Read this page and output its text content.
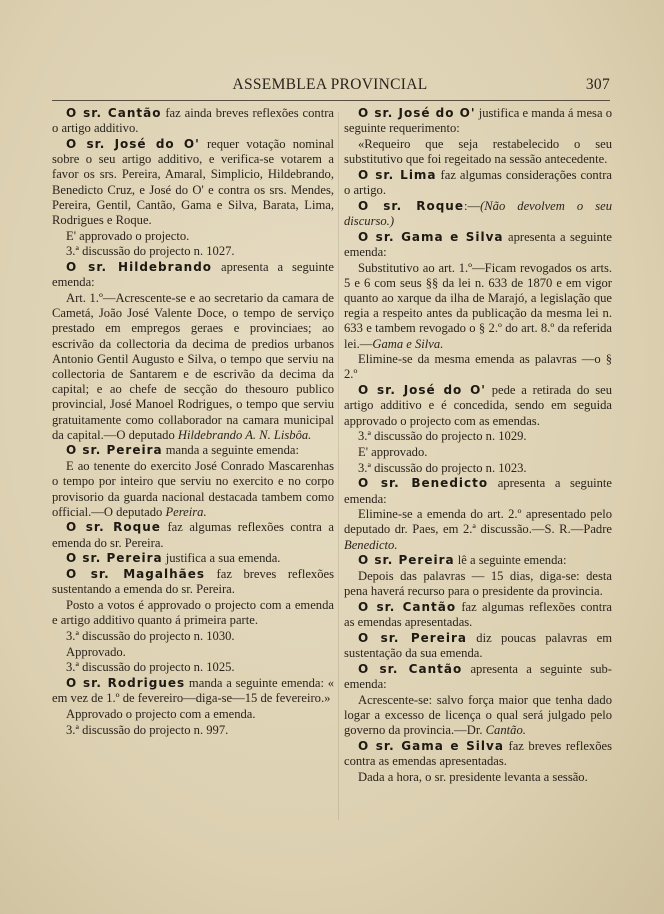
ASSEMBLEA PROVINCIAL	307

O sr. Cantão faz ainda breves reflexões contra o artigo additivo.

O sr. José do O' requer votação nominal sobre o seu artigo additivo, e verifica-se votarem a favor os srs. Pereira, Amaral, Simplicio, Hildebrando, Benedicto Cruz, e José do O' e contra os srs. Mendes, Pereira, Gentil, Cantão, Gama e Silva, Barata, Lima, Rodrigues e Roque.

E' approvado o projecto.

3.ª discussão do projecto n. 1027.

O sr. Hildebrando apresenta a seguinte emenda:

Art. 1.º—Acrescente-se e ao secretario da camara de Cametá, João José Valente Doce, o tempo de serviço prestado em empregos geraes e provinciaes; ao escrivão da collectoria da decima de predios urbanos Antonio Gentil Augusto e Silva, o tempo que serviu na collectoria de Santarem e de escrivão da decima da capital; e ao chefe de secção do thesouro publico provincial, José Manoel Rodrigues, o tempo que serviu gratuitamente como collaborador na camara municipal da capital.—O deputado Hildebrando A. N. Lisbôa.

O sr. Pereira manda a seguinte emenda:

E ao tenente do exercito José Conrado Mascarenhas o tempo por inteiro que serviu no exercito e no corpo provisorio da guarda nacional destacada tambem como official.—O deputado Pereira.

O sr. Roque faz algumas reflexões contra a emenda do sr. Pereira.

O sr. Pereira justifica a sua emenda.

O sr. Magalhães faz breves reflexões sustentando a emenda do sr. Pereira.

Posto a votos é approvado o projecto com a emenda e artigo additivo quanto á primeira parte.

3.ª discussão do projecto n. 1030.

Approvado.

3.ª discussão do projecto n. 1025.

O sr. Rodrigues manda a seguinte emenda: « em vez de 1.º de fevereiro—diga-se—15 de fevereiro.»

Approvado o projecto com a emenda.

3.ª discussão do projecto n. 997.

O sr. José do O' justifica e manda á mesa o seguinte requerimento:

«Requeiro que seja restabelecido o seu substitutivo que foi regeitado na sessão antecedente.

O sr. Lima faz algumas considerações contra o artigo.

O sr. Roque:—(Não devolvem o seu discurso.)

O sr. Gama e Silva apresenta a seguinte emenda:

Substitutivo ao art. 1.º—Ficam revogados os arts. 5 e 6 com seus §§ da lei n. 633 de 1870 e em vigor quanto ao xarque da ilha de Marajó, a legislação que regia a respeito antes da publicação da mesma lei n. 633 e tambem revogado o § 2.º do art. 8.º da referida lei.—Gama e Silva.

Elimine-se da mesma emenda as palavras —o § 2.º

O sr. José do O' pede a retirada do seu artigo additivo e é concedida, sendo em seguida approvado o projecto com as emendas.

3.ª discussão do projecto n. 1029.

E' approvado.

3.ª discussão do projecto n. 1023.

O sr. Benedicto apresenta a seguinte emenda:

Elimine-se a emenda do art. 2.º apresentado pelo deputado dr. Paes, em 2.ª discussão.—S. R.—Padre Benedicto.

O sr. Pereira lê a seguinte emenda:

Depois das palavras — 15 dias, diga-se: desta pena haverá recurso para o presidente da provincia.

O sr. Cantão faz algumas reflexões contra as emendas apresentadas.

O sr. Pereira diz poucas palavras em sustentação da sua emenda.

O sr. Cantão apresenta a seguinte sub-emenda:

Acrescente-se: salvo força maior que tenha dado logar a excesso de licença o qual será julgado pelo governo da provincia.—Dr. Cantão.

O sr. Gama e Silva faz breves reflexões contra as emendas apresentadas.

Dada a hora, o sr. presidente levanta a sessão.
